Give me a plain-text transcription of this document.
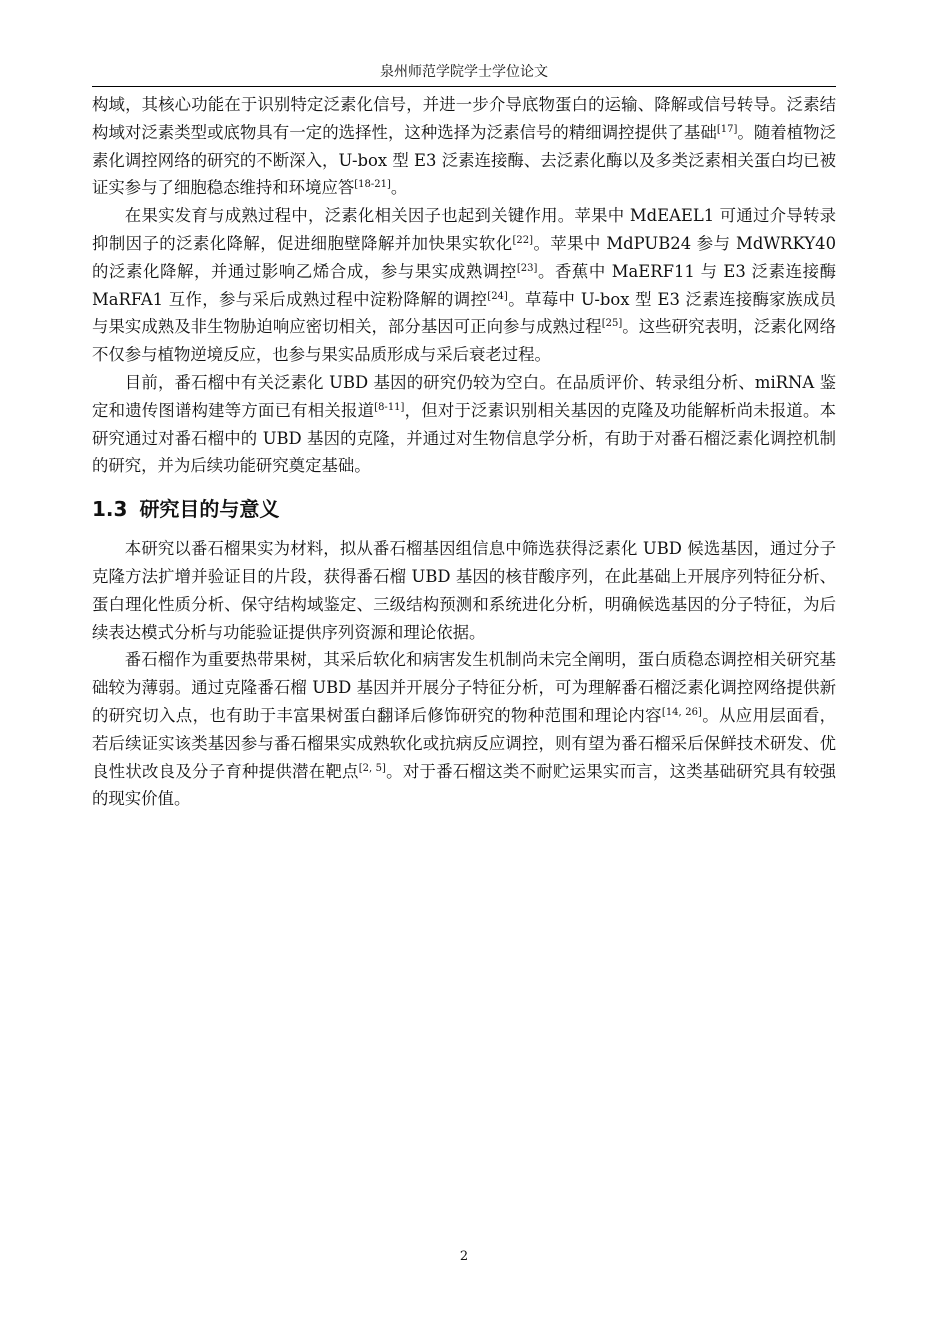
泉州师范学院学士学位论文

构域，其核心功能在于识别特定泛素化信号，并进一步介导底物蛋白的运输、降解或信号转导。泛素结构域对泛素类型或底物具有一定的选择性，这种选择为泛素信号的精细调控提供了基础[17]。随着植物泛素化调控网络的研究的不断深入，U-box 型 E3 泛素连接酶、去泛素化酶以及多类泛素相关蛋白均已被证实参与了细胞稳态维持和环境应答[18-21]。

在果实发育与成熟过程中，泛素化相关因子也起到关键作用。苹果中 MdEAEL1 可通过介导转录抑制因子的泛素化降解，促进细胞壁降解并加快果实软化[22]。苹果中 MdPUB24 参与 MdWRKY40 的泛素化降解，并通过影响乙烯合成，参与果实成熟调控[23]。香蕉中 MaERF11 与 E3 泛素连接酶 MaRFA1 互作，参与采后成熟过程中淀粉降解的调控[24]。草莓中 U-box 型 E3 泛素连接酶家族成员与果实成熟及非生物胁迫响应密切相关，部分基因可正向参与成熟过程[25]。这些研究表明，泛素化网络不仅参与植物逆境反应，也参与果实品质形成与采后衰老过程。

目前，番石榴中有关泛素化 UBD 基因的研究仍较为空白。在品质评价、转录组分析、miRNA 鉴定和遗传图谱构建等方面已有相关报道[8-11]，但对于泛素识别相关基因的克隆及功能解析尚未报道。本研究通过对番石榴中的 UBD 基因的克隆，并通过对生物信息学分析，有助于对番石榴泛素化调控机制的研究，并为后续功能研究奠定基础。

1.3 研究目的与意义

本研究以番石榴果实为材料，拟从番石榴基因组信息中筛选获得泛素化 UBD 候选基因，通过分子克隆方法扩增并验证目的片段，获得番石榴 UBD 基因的核苷酸序列，在此基础上开展序列特征分析、蛋白理化性质分析、保守结构域鉴定、三级结构预测和系统进化分析，明确候选基因的分子特征，为后续表达模式分析与功能验证提供序列资源和理论依据。

番石榴作为重要热带果树，其采后软化和病害发生机制尚未完全阐明，蛋白质稳态调控相关研究基础较为薄弱。通过克隆番石榴 UBD 基因并开展分子特征分析，可为理解番石榴泛素化调控网络提供新的研究切入点，也有助于丰富果树蛋白翻译后修饰研究的物种范围和理论内容[14, 26]。从应用层面看，若后续证实该类基因参与番石榴果实成熟软化或抗病反应调控，则有望为番石榴采后保鲜技术研发、优良性状改良及分子育种提供潜在靶点[2, 5]。对于番石榴这类不耐贮运果实而言，这类基础研究具有较强的现实价值。

2
